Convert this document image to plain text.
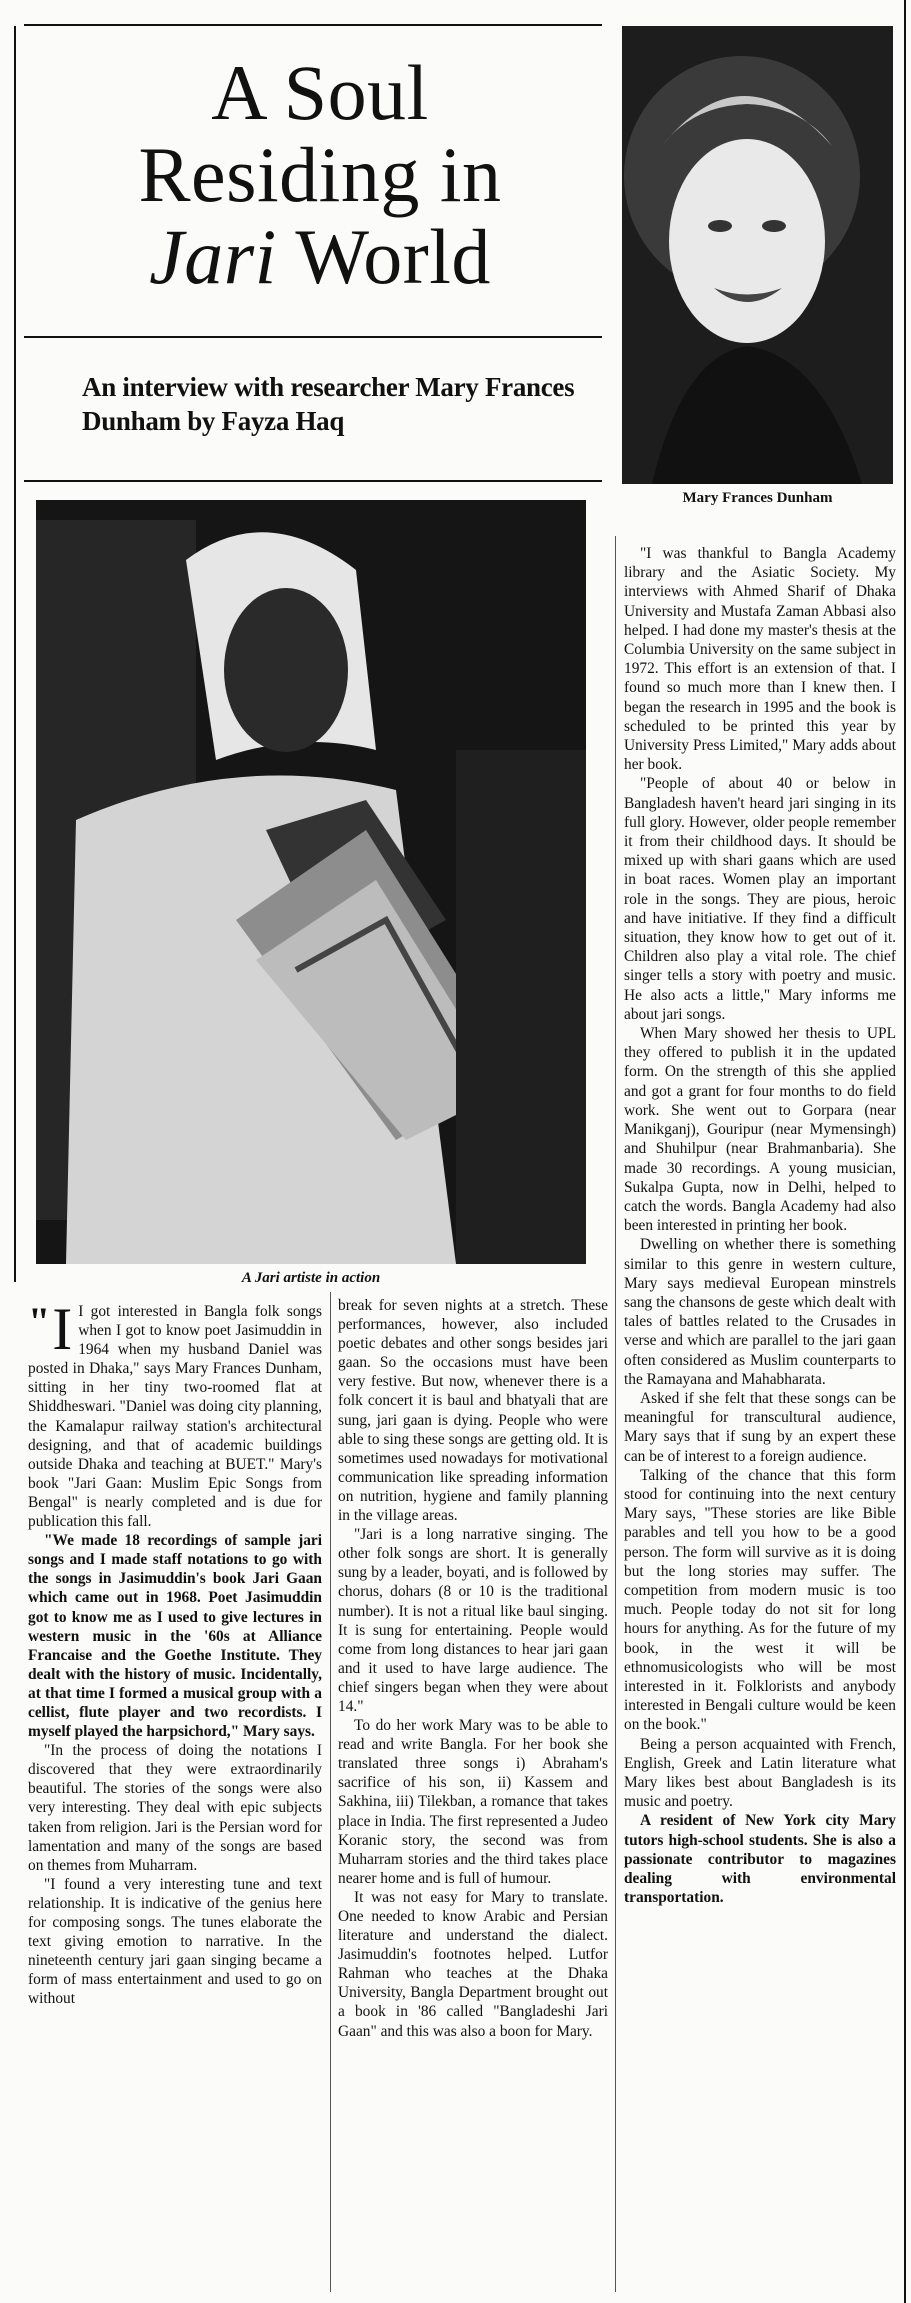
A Soul
Residing in
Jari World
An interview with researcher Mary Frances Dunham by Fayza Haq
Mary Frances Dunham
A Jari artiste in action

" I I got interested in Bangla folk songs when I got to know poet Jasimuddin in 1964 when my husband Daniel was posted in Dhaka," says Mary Frances Dunham, sitting in her tiny two-roomed flat at Shiddheswari. "Daniel was doing city planning, the Kamalapur railway station's architectural designing, and that of academic buildings outside Dhaka and teaching at BUET." Mary's book "Jari Gaan: Muslim Epic Songs from Bengal" is nearly completed and is due for publication this fall.

"We made 18 recordings of sample jari songs and I made staff notations to go with the songs in Jasimuddin's book Jari Gaan which came out in 1968. Poet Jasimuddin got to know me as I used to give lectures in western music in the '60s at Alliance Francaise and the Goethe Institute. They dealt with the history of music. Incidentally, at that time I formed a musical group with a cellist, flute player and two recordists. I myself played the harpsichord," Mary says.

"In the process of doing the notations I discovered that they were extraordinarily beautiful. The stories of the songs were also very interesting. They deal with epic subjects taken from religion. Jari is the Persian word for lamentation and many of the songs are based on themes from Muharram.

"I found a very interesting tune and text relationship. It is indicative of the genius here for composing songs. The tunes elaborate the text giving emotion to narrative. In the nineteenth century jari gaan singing became a form of mass entertainment and used to go on without

break for seven nights at a stretch. These performances, however, also included poetic debates and other songs besides jari gaan. So the occasions must have been very festive. But now, whenever there is a folk concert it is baul and bhatyali that are sung, jari gaan is dying. People who were able to sing these songs are getting old. It is sometimes used nowadays for motivational communication like spreading information on nutrition, hygiene and family planning in the village areas.

"Jari is a long narrative singing. The other folk songs are short. It is generally sung by a leader, boyati, and is followed by chorus, dohars (8 or 10 is the traditional number). It is not a ritual like baul singing. It is sung for entertaining. People would come from long distances to hear jari gaan and it used to have large audience. The chief singers began when they were about 14."

To do her work Mary was to be able to read and write Bangla. For her book she translated three songs i) Abraham's sacrifice of his son, ii) Kassem and Sakhina, iii) Tilekban, a romance that takes place in India. The first represented a Judeo Koranic story, the second was from Muharram stories and the third takes place nearer home and is full of humour.

It was not easy for Mary to translate. One needed to know Arabic and Persian literature and understand the dialect. Jasimuddin's footnotes helped. Lutfor Rahman who teaches at the Dhaka University, Bangla Department brought out a book in '86 called "Bangladeshi Jari Gaan" and this was also a boon for Mary.

"I was thankful to Bangla Academy library and the Asiatic Society. My interviews with Ahmed Sharif of Dhaka University and Mustafa Zaman Abbasi also helped. I had done my master's thesis at the Columbia University on the same subject in 1972. This effort is an extension of that. I found so much more than I knew then. I began the research in 1995 and the book is scheduled to be printed this year by University Press Limited," Mary adds about her book.

"People of about 40 or below in Bangladesh haven't heard jari singing in its full glory. However, older people remember it from their childhood days. It should be mixed up with shari gaans which are used in boat races. Women play an important role in the songs. They are pious, heroic and have initiative. If they find a difficult situation, they know how to get out of it. Children also play a vital role. The chief singer tells a story with poetry and music. He also acts a little," Mary informs me about jari songs.

When Mary showed her thesis to UPL they offered to publish it in the updated form. On the strength of this she applied and got a grant for four months to do field work. She went out to Gorpara (near Manikganj), Gouripur (near Mymensingh) and Shuhilpur (near Brahmanbaria). She made 30 recordings. A young musician, Sukalpa Gupta, now in Delhi, helped to catch the words. Bangla Academy had also been interested in printing her book.

Dwelling on whether there is something similar to this genre in western culture, Mary says medieval European minstrels sang the chansons de geste which dealt with tales of battles related to the Crusades in verse and which are parallel to the jari gaan often considered as Muslim counterparts to the Ramayana and Mahabharata.

Asked if she felt that these songs can be meaningful for transcultural audience, Mary says that if sung by an expert these can be of interest to a foreign audience.

Talking of the chance that this form stood for continuing into the next century Mary says, "These stories are like Bible parables and tell you how to be a good person. The form will survive as it is doing but the long stories may suffer. The competition from modern music is too much. People today do not sit for long hours for anything. As for the future of my book, in the west it will be ethnomusicologists who will be most interested in it. Folklorists and anybody interested in Bengali culture would be keen on the book."

Being a person acquainted with French, English, Greek and Latin literature what Mary likes best about Bangladesh is its music and poetry.

A resident of New York city Mary tutors high-school students. She is also a passionate contributor to magazines dealing with environmental transportation.
